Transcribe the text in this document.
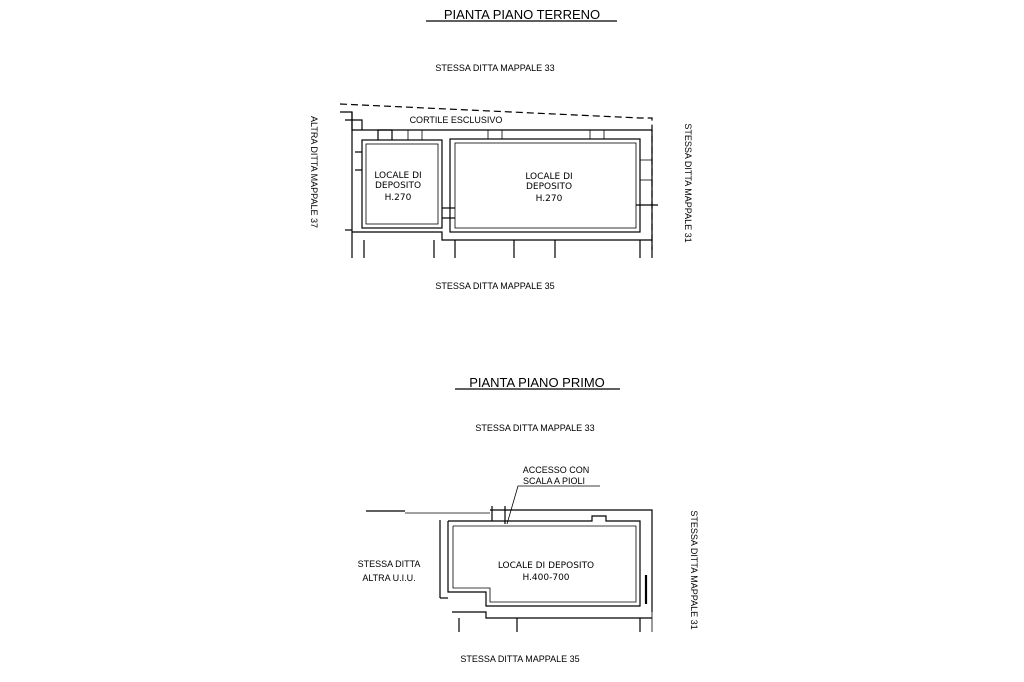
PIANTA PIANO TERRENO
STESSA DITTA MAPPALE 33
STESSA DITTA MAPPALE 35
ALTRA DITTA MAPPALE 37	STESSA DITTA MAPPALE 31
CORTILE ESCLUSIVO
LOCALE DI
DEPOSITO
H.270
LOCALE DI
DEPOSITO
H.270
PIANTA PIANO PRIMO
STESSA DITTA MAPPALE 33
STESSA DITTA MAPPALE 35
STESSA DITTA MAPPALE 31
STESSA DITTA
ALTRA U.I.U.
ACCESSO CON
SCALA A PIOLI
LOCALE DI DEPOSITO
H.400-700
